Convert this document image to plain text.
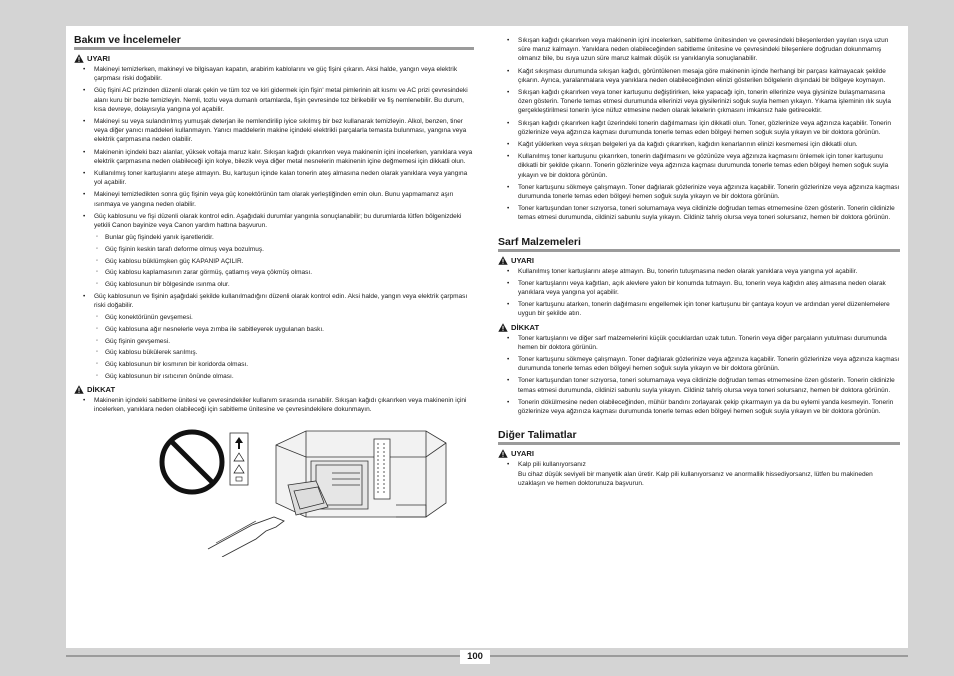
Bakım ve İncelemeler
UYARI
• Makineyi temizlerken, makineyi ve bilgisayarı kapatın, arabirim kablolarını ve güç fişini çıkarın. Aksi halde, yangın veya elektrik çarpması riski doğabilir.
• Güç fişini AC prizinden düzenli olarak çekin ve tüm toz ve kiri gidermek için fişin' metal pimlerinin alt kısmı ve AC prizi çevresindeki alanı kuru bir bezle temizleyin. Nemli, tozlu veya dumanlı ortamlarda, fişin çevresinde toz birikebilir ve fiş nemlenebilir. Bu durum, kısa devreye, dolayısıyla yangına yol açabilir.
• Makineyi su veya sulandırılmış yumuşak deterjan ile nemlendirilip iyice sıkılmış bir bez kullanarak temizleyin. Alkol, benzen, tiner veya diğer yanıcı maddeleri kullanmayın. Yanıcı maddelerin makine içindeki elektrikli parçalarla temasta bulunması, yangına veya elektrik çarpmasına neden olabilir.
• Makinenin içindeki bazı alanlar, yüksek voltaja maruz kalır. Sıkışan kağıdı çıkarırken veya makinenin içini incelerken, yanıklara veya elektrik çarpmasına neden olabileceği için kolye, bilezik veya diğer metal nesnelerin makinenin içine değmemesi için dikkatli olun.
• Kullanılmış toner kartuşlarını ateşe atmayın. Bu, kartuşun içinde kalan tonerin ateş almasına neden olarak yanıklara veya yangına yol açabilir.
• Makineyi temizledikten sonra güç fişinin veya güç konektörünün tam olarak yerleştiğinden emin olun. Bunu yapmamanız aşırı ısınmaya ve yangına neden olabilir.
• Güç kablosunu ve fişi düzenli olarak kontrol edin. Aşağıdaki durumlar yangınla sonuçlanabilir; bu durumlarda lütfen bölgenizdeki yetkili Canon bayinize veya Canon yardım hattına başvurun.
◦ Bunlar güç fişindeki yanık işaretleridir.
◦ Güç fişinin keskin tarafı deforme olmuş veya bozulmuş.
◦ Güç kablosu büklümşken güç KAPANIP AÇILIR.
◦ Güç kablosu kaplamasının zarar görmüş, çatlamış veya çökmüş olması.
◦ Güç kablosunun bir bölgesinde ısınma olur.
• Güç kablosunun ve fişinin aşağıdaki şekilde kullanılmadığını düzenli olarak kontrol edin. Aksi halde, yangın veya elektrik çarpması riski doğabilir.
◦ Güç konektörünün gevşemesi.
◦ Güç kablosuna ağır nesnelerle veya zımba ile sabitleyerek uygulanan baskı.
◦ Güç fişinin gevşemesi.
◦ Güç kablosu bükülerek sarılmış.
◦ Güç kablosunun bir kısmının bir koridorda olması.
◦ Güç kablosunun bir ısıtıcının önünde olması.
DİKKAT
• Makinenin içindeki sabitleme ünitesi ve çevresindekiler kullanım sırasında ısınabilir. Sıkışan kağıdı çıkarırken veya makinenin içini incelerken, yanıklara neden olabileceği için sabitleme ünitesine ve çevresindekilere dokunmayın.
• Sıkışan kağıdı çıkarırken veya makinenin içini incelerken, sabitleme ünitesinden ve çevresindeki bileşenlerden yayılan ısıya uzun süre maruz kalmayın. Yanıklara neden olabileceğinden sabitleme ünitesine ve çevresindeki bileşenlere doğrudan dokunmamış olmanız bile, bu ısıya uzun süre maruz kalmak düşük ısı yanıklarıyla sonuçlanabilir.
• Kağıt sıkışması durumunda sıkışan kağıdı, görüntülenen mesaja göre makinenin içinde herhangi bir parçası kalmayacak şekilde çıkarın. Ayrıca, yaralanmalara veya yanıklara neden olabileceğinden elinizi gösterilen bölgelerin dışındaki bir bölgeye koymayın.
• Sıkışan kağıdı çıkarırken veya toner kartuşunu değiştirirken, leke yapacağı için, tonerin ellerinize veya giysinize bulaşmamasına özen gösterin. Tonerle temas etmesi durumunda ellerinizi veya giysilerinizi soğuk suyla hemen yıkayın. Yıkama işleminin ılık suyla gerçekleştirilmesi tonerin iyice nüfuz etmesine neden olarak lekelerin çıkmasını imkansız hale getirecektir.
• Sıkışan kağıdı çıkarırken kağıt üzerindeki tonerin dağılmaması için dikkatli olun. Toner, gözlerinize veya ağzınıza kaçabilir. Tonerin gözlerinize veya ağzınıza kaçması durumunda tonerle temas eden bölgeyi hemen soğuk suyla yıkayın ve bir doktora görünün.
• Kağıt yüklerken veya sıkışan belgeleri ya da kağıdı çıkarırken, kağıdın kenarlarının elinizi kesmemesi için dikkatli olun.
• Kullanılmış toner kartuşunu çıkarırken, tonerin dağılmasını ve gözünüze veya ağzınıza kaçmasını önlemek için toner kartuşunu dikkatli bir şekilde çıkarın. Tonerin gözlerinize veya ağzınıza kaçması durumunda tonerle temas eden bölgeyi hemen soğuk suyla yıkayın ve bir doktora görünün.
• Toner kartuşunu sökmeye çalışmayın. Toner dağılarak gözlerinize veya ağzınıza kaçabilir. Tonerin gözlerinize veya ağzınıza kaçması durumunda tonerle temas eden bölgeyi hemen soğuk suyla yıkayın ve bir doktora görünün.
• Toner kartuşundan toner sızıyorsa, toneri solumamaya veya cildinizle doğrudan temas etmemesine özen gösterin. Tonerin cildinizle temas etmesi durumunda, cildinizi sabunlu suyla yıkayın. Cildiniz tahriş olursa veya toneri solursanız, hemen bir doktora görünün.
Sarf Malzemeleri
UYARI
• Kullanılmış toner kartuşlarını ateşe atmayın. Bu, tonerin tutuşmasına neden olarak yanıklara veya yangına yol açabilir.
• Toner kartuşlarını veya kağıtları, açık alevlere yakın bir konumda tutmayın. Bu, tonerin veya kağıdın ateş almasına neden olarak yanıklara veya yangına yol açabilir.
• Toner kartuşunu atarken, tonerin dağılmasını engellemek için toner kartuşunu bir çantaya koyun ve ardından yerel düzenlemelere uygun bir şekilde atın.
DİKKAT
• Toner kartuşlarını ve diğer sarf malzemelerini küçük çocuklardan uzak tutun. Tonerin veya diğer parçaların yutulması durumunda hemen bir doktora görünün.
• Toner kartuşunu sökmeye çalışmayın. Toner dağılarak gözlerinize veya ağzınıza kaçabilir. Tonerin gözlerinize veya ağzınıza kaçması durumunda tonerle temas eden bölgeyi hemen soğuk suyla yıkayın ve bir doktora görünün.
• Toner kartuşundan toner sızıyorsa, toneri solumamaya veya cildinizle doğrudan temas etmemesine özen gösterin. Tonerin cildinizle temas etmesi durumunda, cildinizi sabunlu suyla yıkayın. Cildiniz tahriş olursa veya toneri solursanız, hemen bir doktora görünün.
• Tonerin dökülmesine neden olabileceğinden, mühür bandını zorlayarak çekip çıkarmayın ya da bu eylemi yanda kesmeyin. Tonerin gözlerinize veya ağzınıza kaçması durumunda tonerle temas eden bölgeyi hemen soğuk suyla yıkayın ve bir doktora görünün.
Diğer Talimatlar
UYARI
• Kalp pili kullanıyorsanız
Bu cihaz düşük seviyeli bir manyetik alan üretir. Kalp pili kullanıyorsanız ve anormallik hissediyorsanız, lütfen bu makineden uzaklaşın ve hemen doktorunuza başvurun.
100
